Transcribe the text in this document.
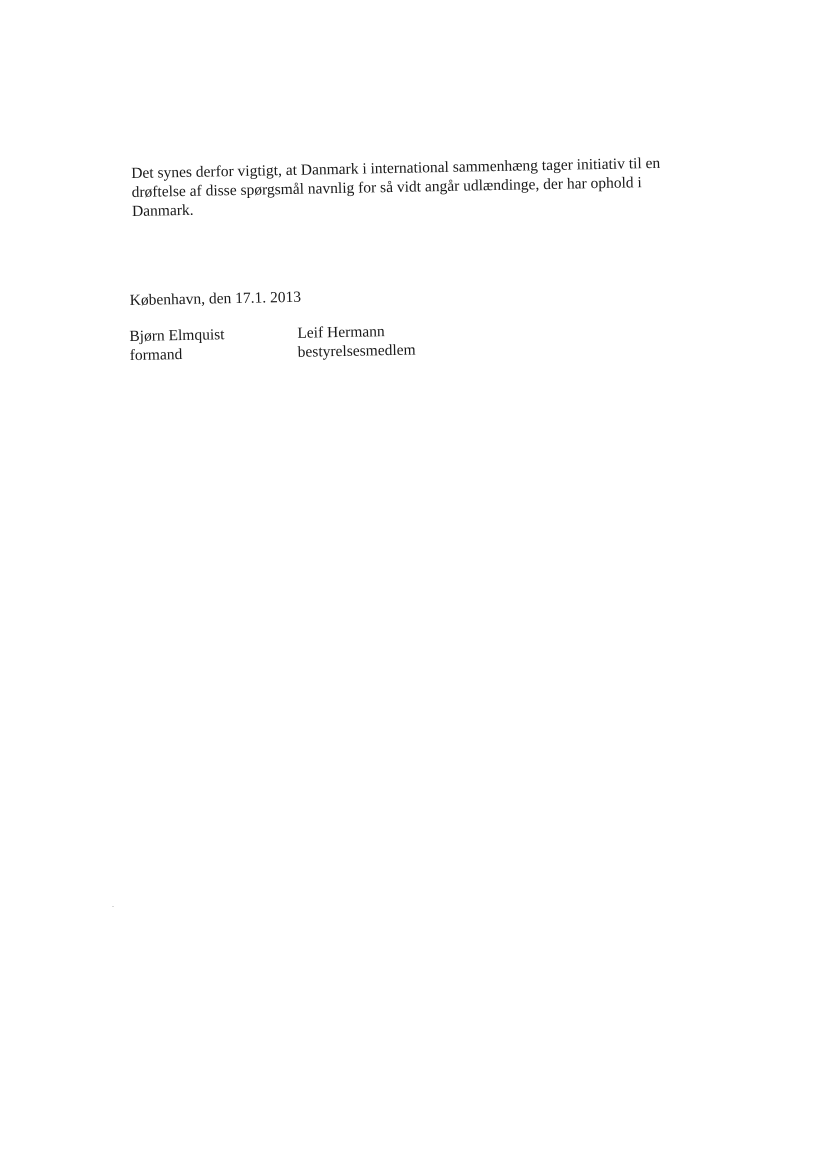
Det synes derfor vigtigt, at Danmark i international sammenhæng tager initiativ til en
drøftelse af disse spørgsmål navnlig for så vidt angår udlændinge, der har ophold i
Danmark.
København, den 17.1. 2013
Bjørn Elmquist
formand
Leif Hermann
bestyrelsesmedlem
